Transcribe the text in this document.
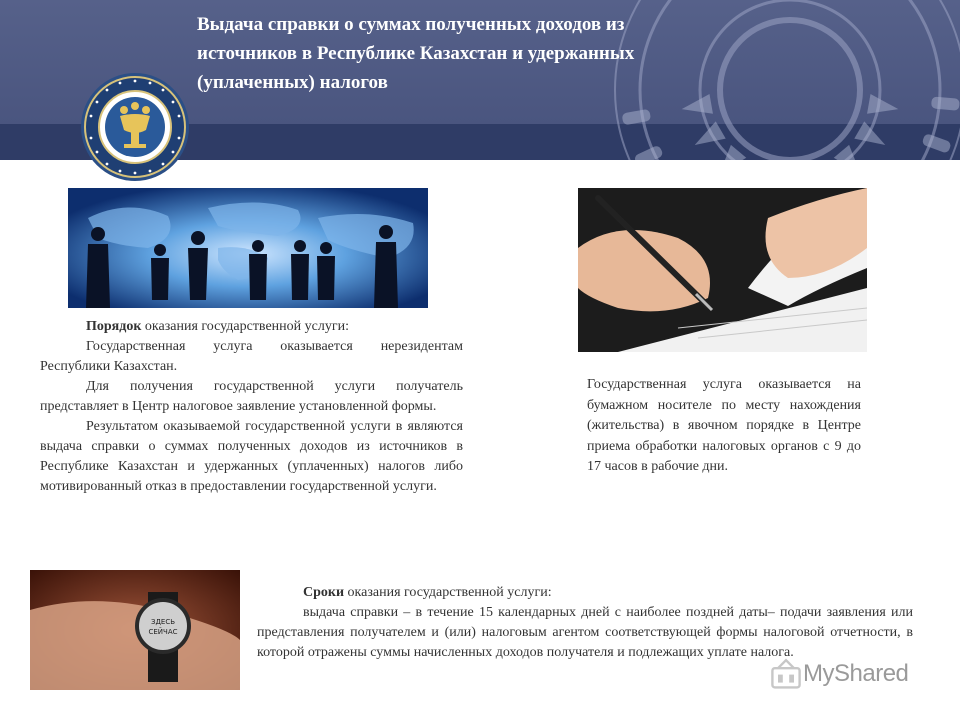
Выдача справки о суммах полученных доходов из источников в Республике Казахстан и удержанных (уплаченных) налогов
ЗДЕСЬ
СЕЙЧАС

Порядок оказания государственной услуги:

Государственная услуга оказывается нерезидентам Республики Казахстан.

Для получения государственной услуги получатель представляет в Центр налоговое заявление установленной формы.

Результатом оказываемой государственной услуги в являются выдача справки о суммах полученных доходов из источников в Республике Казахстан и удержанных (уплаченных) налогов либо мотивированный отказ в предоставлении государственной услуги.

Государственная услуга оказывается на бумажном носителе по месту нахождения (жительства) в явочном порядке в Центре приема обработки налоговых органов с 9 до 17 часов в рабочие дни.

Сроки оказания государственной услуги:

выдача справки – в течение 15 календарных дней с наиболее поздней даты– подачи заявления или представления получателем и (или) налоговым агентом соответствующей формы налоговой отчетности, в которой отражены суммы начисленных доходов получателя и подлежащих уплате налога.

MyShared
